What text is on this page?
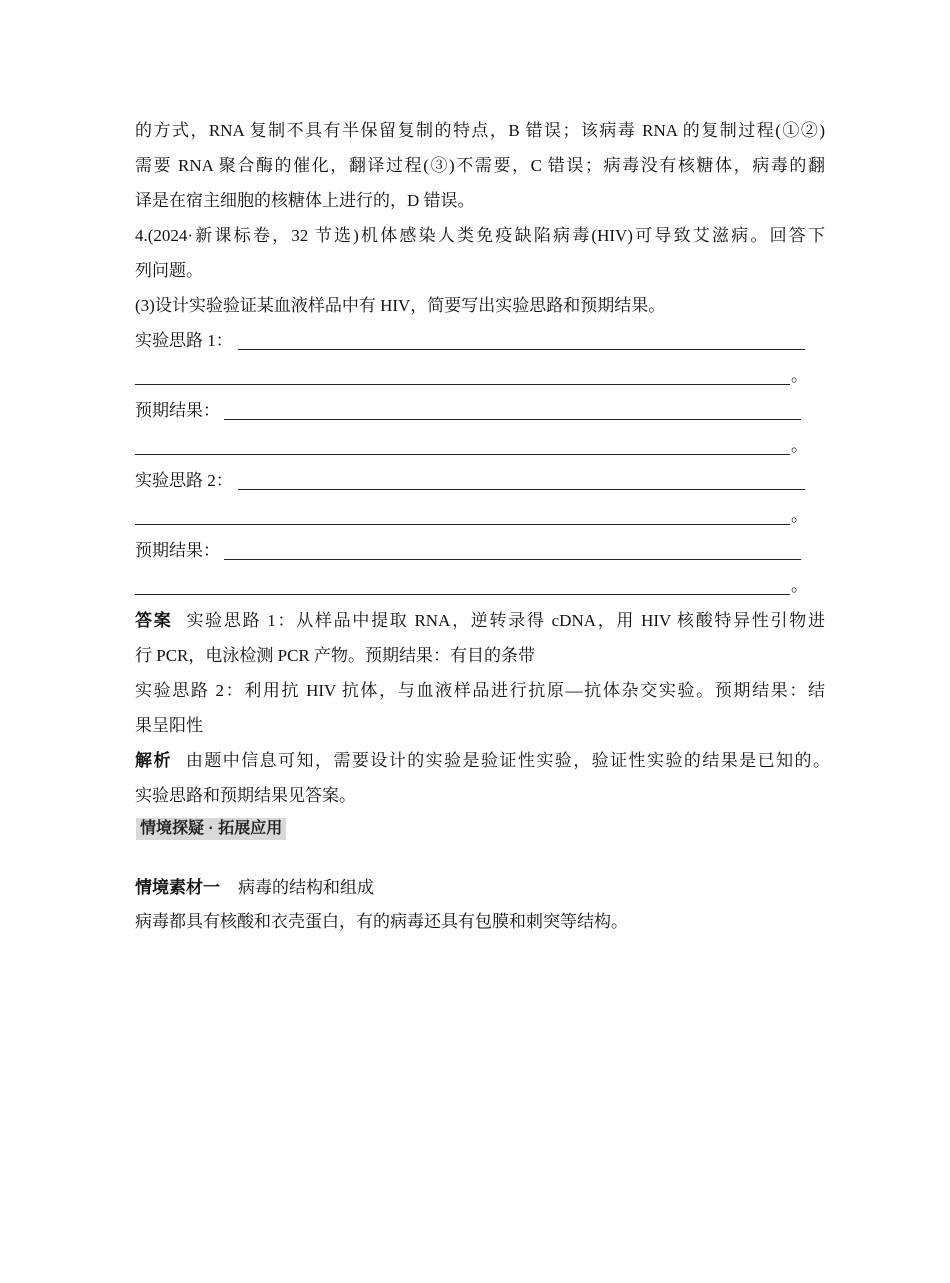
的方式，RNA 复制不具有半保留复制的特点，B 错误；该病毒 RNA 的复制过程(①②)
需要 RNA 聚合酶的催化，翻译过程(③)不需要，C 错误；病毒没有核糖体，病毒的翻
译是在宿主细胞的核糖体上进行的，D 错误。
4.(2024·新课标卷，32 节选)机体感染人类免疫缺陷病毒(HIV)可导致艾滋病。回答下
列问题。
(3)设计实验验证某血液样品中有 HIV，简要写出实验思路和预期结果。
实验思路 1：
。
预期结果：
。
实验思路 2：
。
预期结果：
。
答案 实验思路 1：从样品中提取 RNA，逆转录得 cDNA，用 HIV 核酸特异性引物进
行 PCR，电泳检测 PCR 产物。预期结果：有目的条带
实验思路 2：利用抗 HIV 抗体，与血液样品进行抗原—抗体杂交实验。预期结果：结
果呈阳性
解析 由题中信息可知，需要设计的实验是验证性实验，验证性实验的结果是已知的。
实验思路和预期结果见答案。
情境探疑 · 拓展应用
情境素材一 病毒的结构和组成
病毒都具有核酸和衣壳蛋白，有的病毒还具有包膜和刺突等结构。
